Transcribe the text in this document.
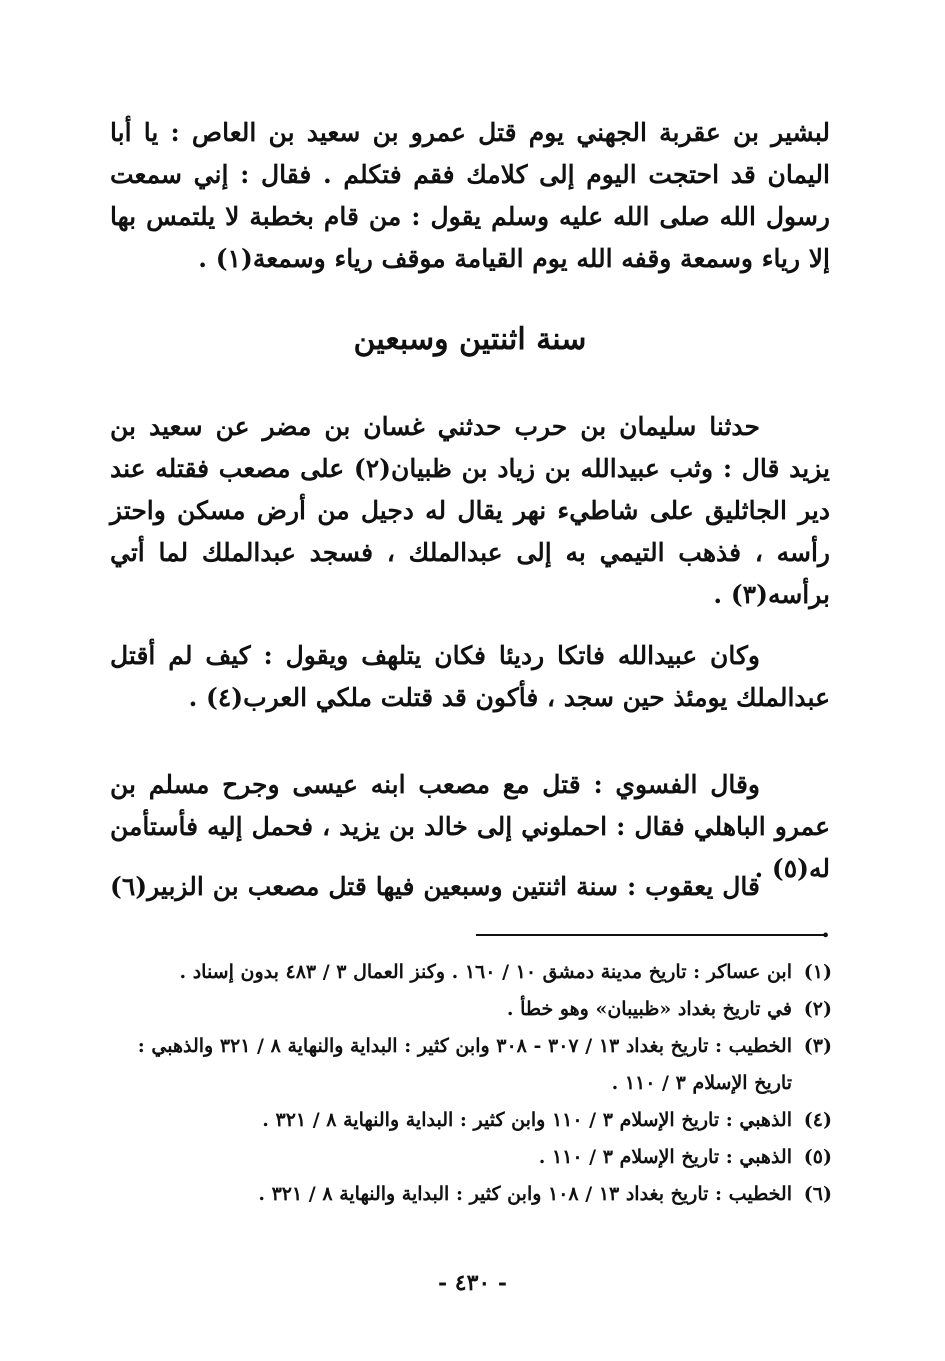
لبشير بن عقربة الجهني يوم قتل عمرو بن سعيد بن العاص : يا أبا اليمان قد احتجت اليوم إلى كلامك فقم فتكلم . فقال : إني سمعت رسول الله صلى الله عليه وسلم يقول : من قام بخطبة لا يلتمس بها إلا رياء وسمعة وقفه الله يوم القيامة موقف رياء وسمعة(١) .
سنة اثنتين وسبعين
حدثنا سليمان بن حرب حدثني غسان بن مضر عن سعيد بن يزيد قال : وثب عبيدالله بن زياد بن ظبيان(٢) على مصعب فقتله عند دير الجاثليق على شاطيء نهر يقال له دجيل من أرض مسكن واحتز رأسه ، فذهب التيمي به إلى عبدالملك ، فسجد عبدالملك لما أتي برأسه(٣) .
وكان عبيدالله فاتكا رديئا فكان يتلهف ويقول : كيف لم أقتل عبدالملك يومئذ حين سجد ، فأكون قد قتلت ملكي العرب(٤) .
وقال الفسوي : قتل مع مصعب ابنه عيسى وجرح مسلم بن عمرو الباهلي فقال : احملوني إلى خالد بن يزيد ، فحمل إليه فأستأمن له(٥) .
قال يعقوب : سنة اثنتين وسبعين فيها قتل مصعب بن الزبير(٦) .
(١)
ابن عساكر : تاريخ مدينة دمشق ١٠ / ١٦٠ . وكنز العمال ٣ / ٤٨٣ بدون إسناد .
(٢)
في تاريخ بغداد «ظبيبان» وهو خطأ .
(٣)
الخطيب : تاريخ بغداد ١٣ / ٣٠٧ - ٣٠٨ وابن كثير : البداية والنهاية ٨ / ٣٢١ والذهبي : تاريخ الإسلام ٣ / ١١٠ .
(٤)
الذهبي : تاريخ الإسلام ٣ / ١١٠ وابن كثير : البداية والنهاية ٨ / ٣٢١ .
(٥)
الذهبي : تاريخ الإسلام ٣ / ١١٠ .
(٦)
الخطيب : تاريخ بغداد ١٣ / ١٠٨ وابن كثير : البداية والنهاية ٨ / ٣٢١ .
- ٤٣٠ -
